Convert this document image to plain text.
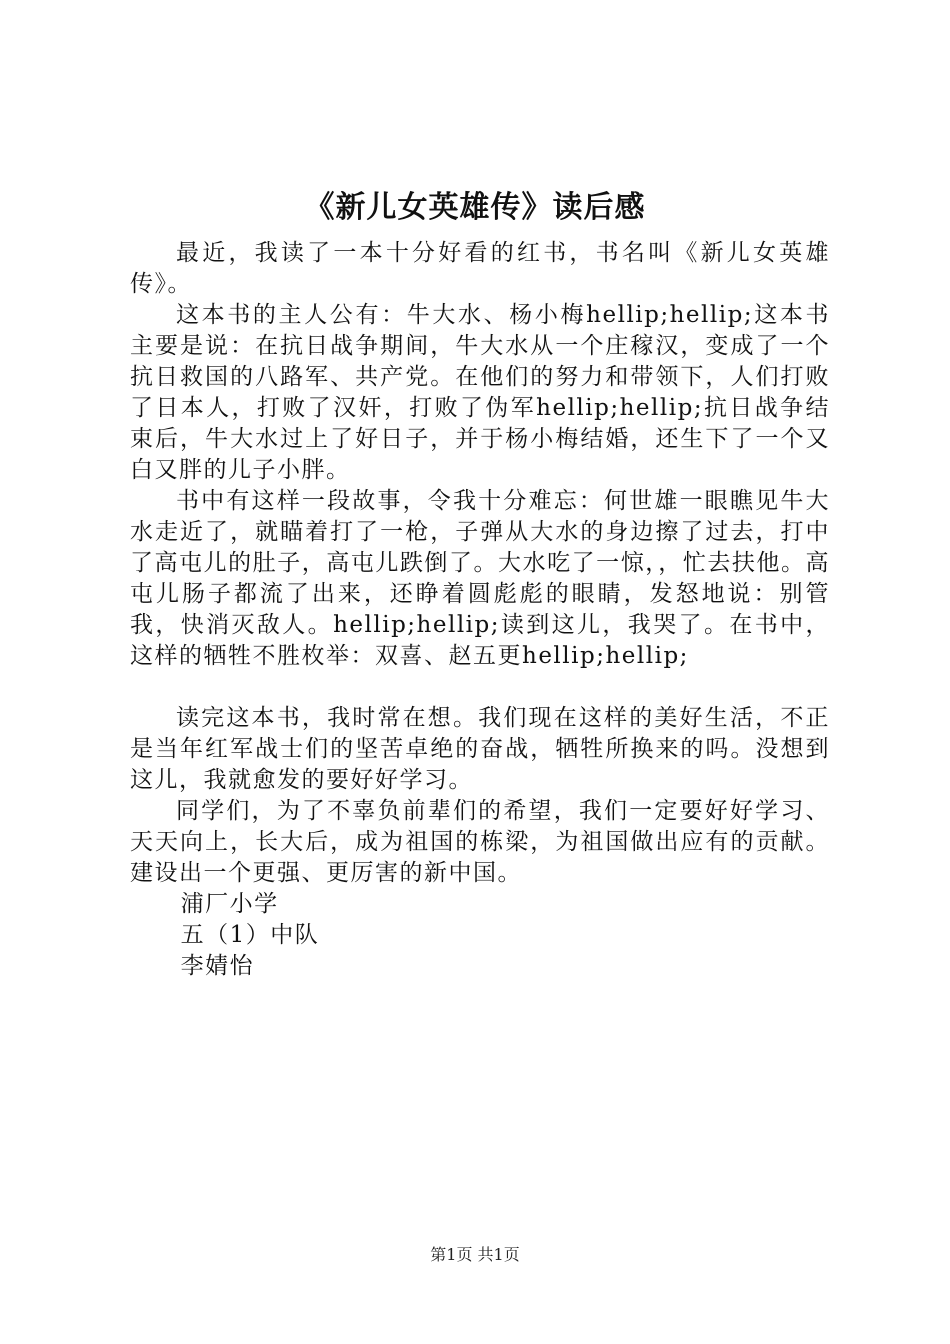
《新儿女英雄传》读后感

最近，我读了一本十分好看的红书，书名叫《新儿女英雄传》。

这本书的主人公有：牛大水、杨小梅hellip;hellip;这本书主要是说：在抗日战争期间，牛大水从一个庄稼汉，变成了一个抗日救国的八路军、共产党。在他们的努力和带领下，人们打败了日本人，打败了汉奸，打败了伪军hellip;hellip;抗日战争结束后，牛大水过上了好日子，并于杨小梅结婚，还生下了一个又白又胖的儿子小胖。

书中有这样一段故事，令我十分难忘：何世雄一眼瞧见牛大水走近了，就瞄着打了一枪，子弹从大水的身边擦了过去，打中了高屯儿的肚子，高屯儿跌倒了。大水吃了一惊，，忙去扶他。高屯儿肠子都流了出来，还睁着圆彪彪的眼睛，发怒地说：别管我，快消灭敌人。hellip;hellip;读到这儿，我哭了。在书中，这样的牺牲不胜枚举：双喜、赵五更hellip;hellip;

读完这本书，我时常在想。我们现在这样的美好生活，不正是当年红军战士们的坚苦卓绝的奋战，牺牲所换来的吗。没想到这儿，我就愈发的要好好学习。

同学们，为了不辜负前辈们的希望，我们一定要好好学习、天天向上，长大后，成为祖国的栋梁，为祖国做出应有的贡献。建设出一个更强、更厉害的新中国。

浦厂小学

五（1）中队

李婧怡

第1页 共1页
